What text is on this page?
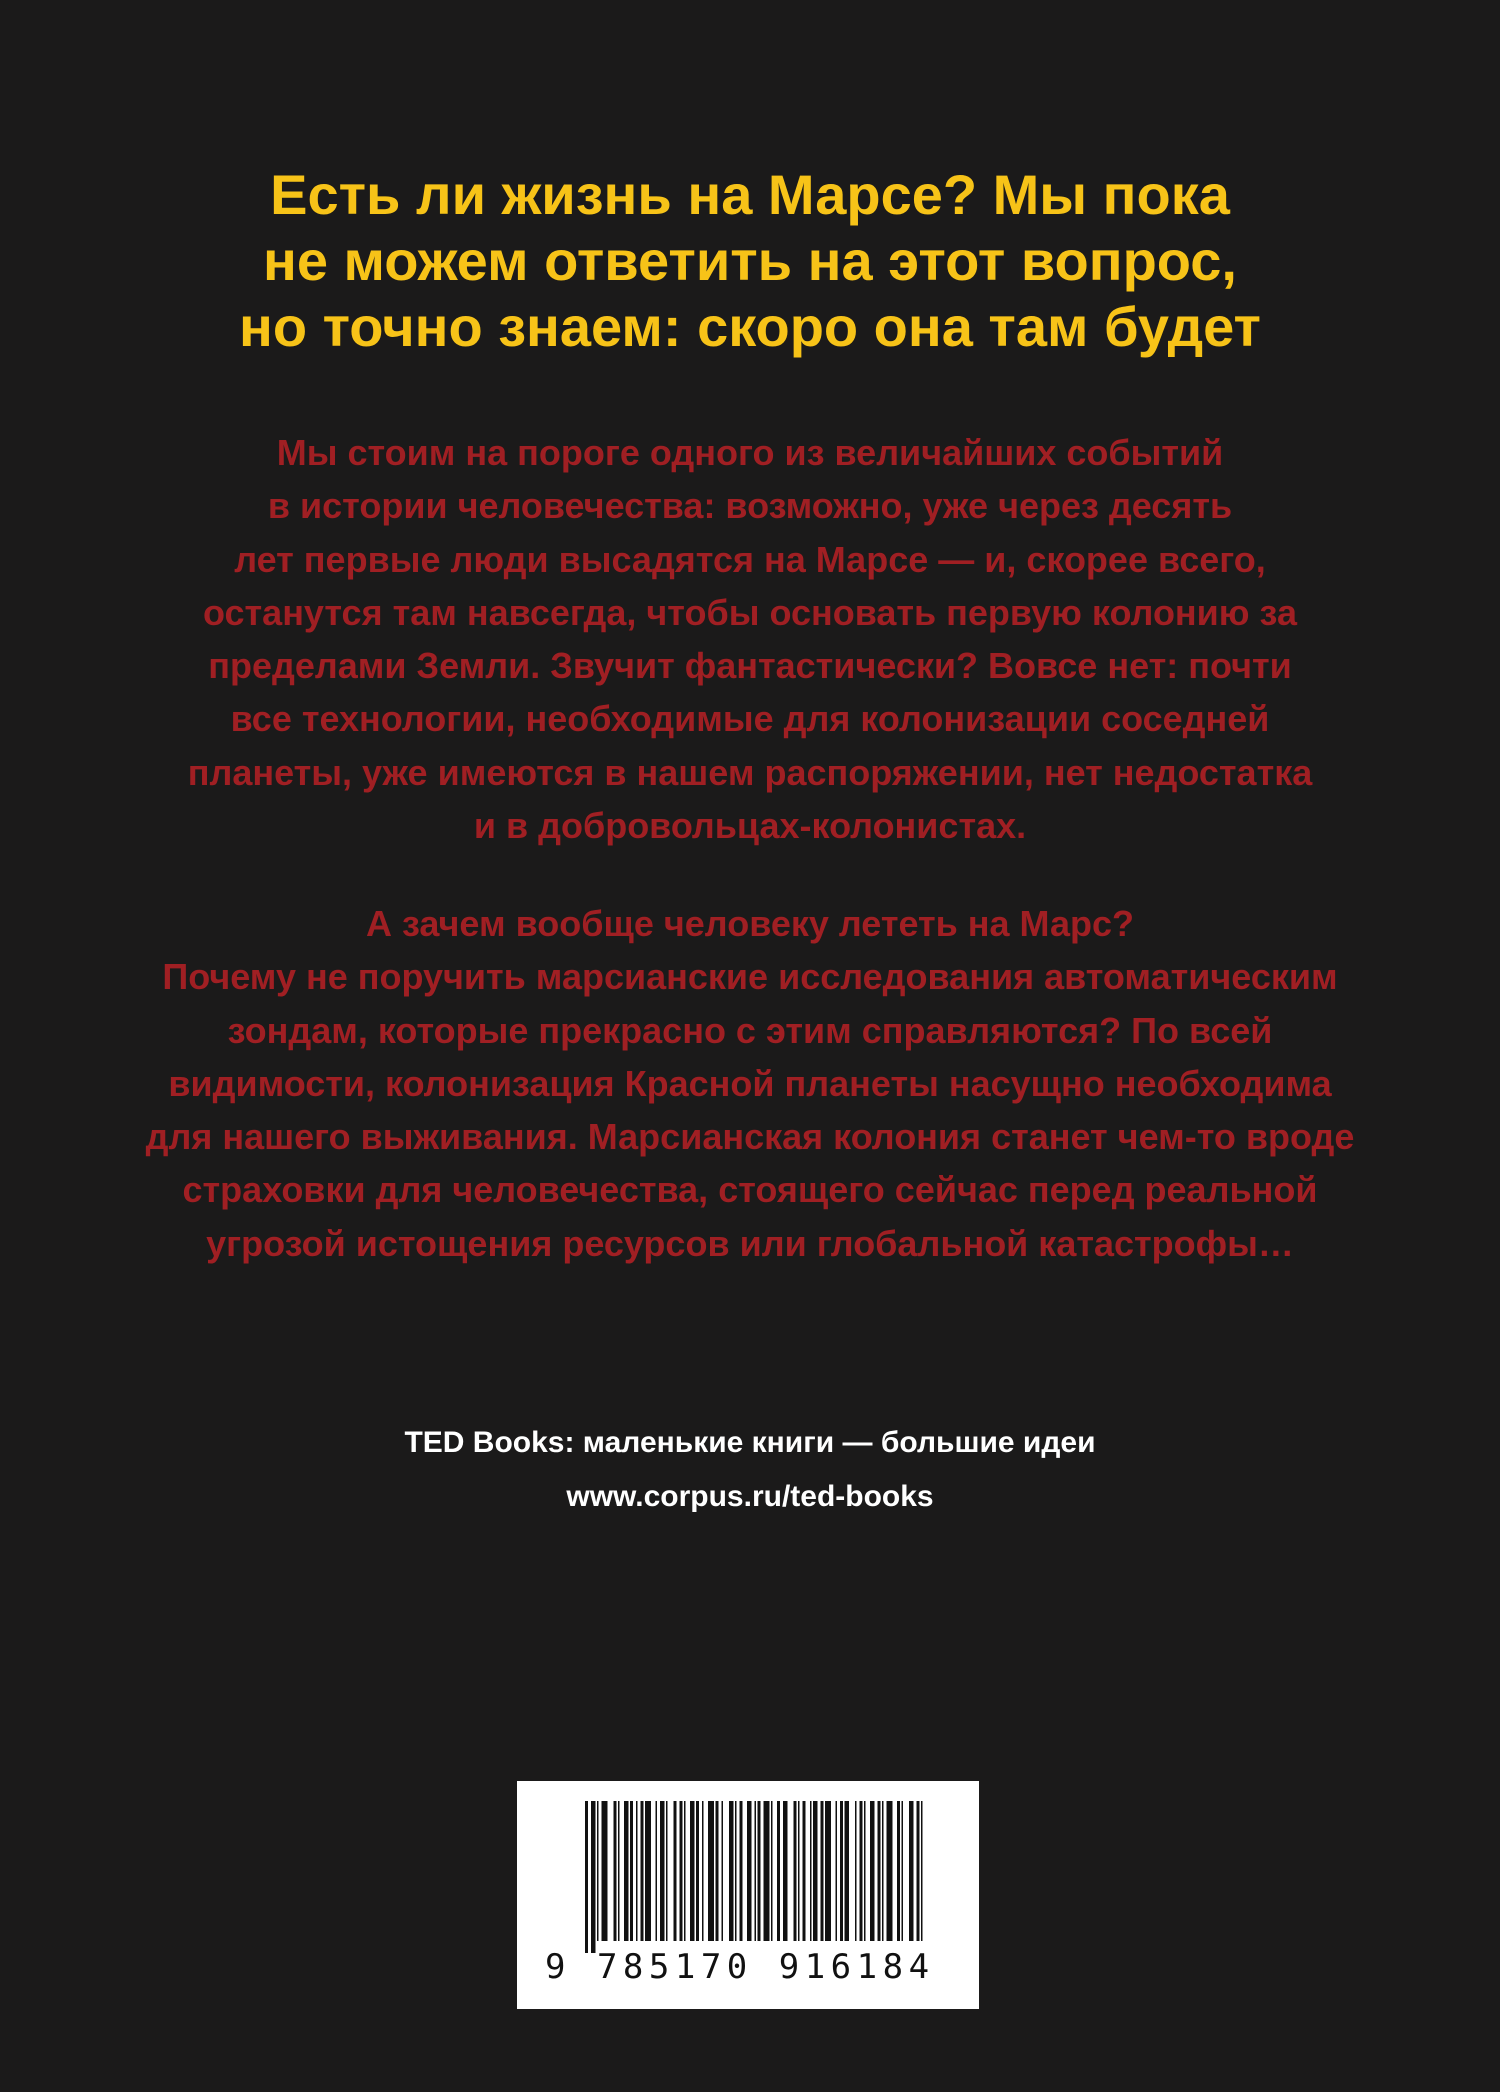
Есть ли жизнь на Марсе? Мы пока
не можем ответить на этот вопрос,
но точно знаем: скоро она там будет

Мы стоим на пороге одного из величайших событий
в истории человечества: возможно, уже через десять
лет первые люди высадятся на Марсе — и, скорее всего,
останутся там навсегда, чтобы основать первую колонию за
пределами Земли. Звучит фантастически? Вовсе нет: почти
все технологии, необходимые для колонизации соседней
планеты, уже имеются в нашем распоряжении, нет недостатка
и в добровольцах-колонистах.

А зачем вообще человеку лететь на Марс?
Почему не поручить марсианские исследования автоматическим
зондам, которые прекрасно с этим справляются? По всей
видимости, колонизация Красной планеты насущно необходима
для нашего выживания. Марсианская колония станет чем-то вроде
страховки для человечества, стоящего сейчас перед реальной
угрозой истощения ресурсов или глобальной катастрофы…

TED Books: маленькие книги — большие идеи

www.corpus.ru/ted-books

9 785170 916184
